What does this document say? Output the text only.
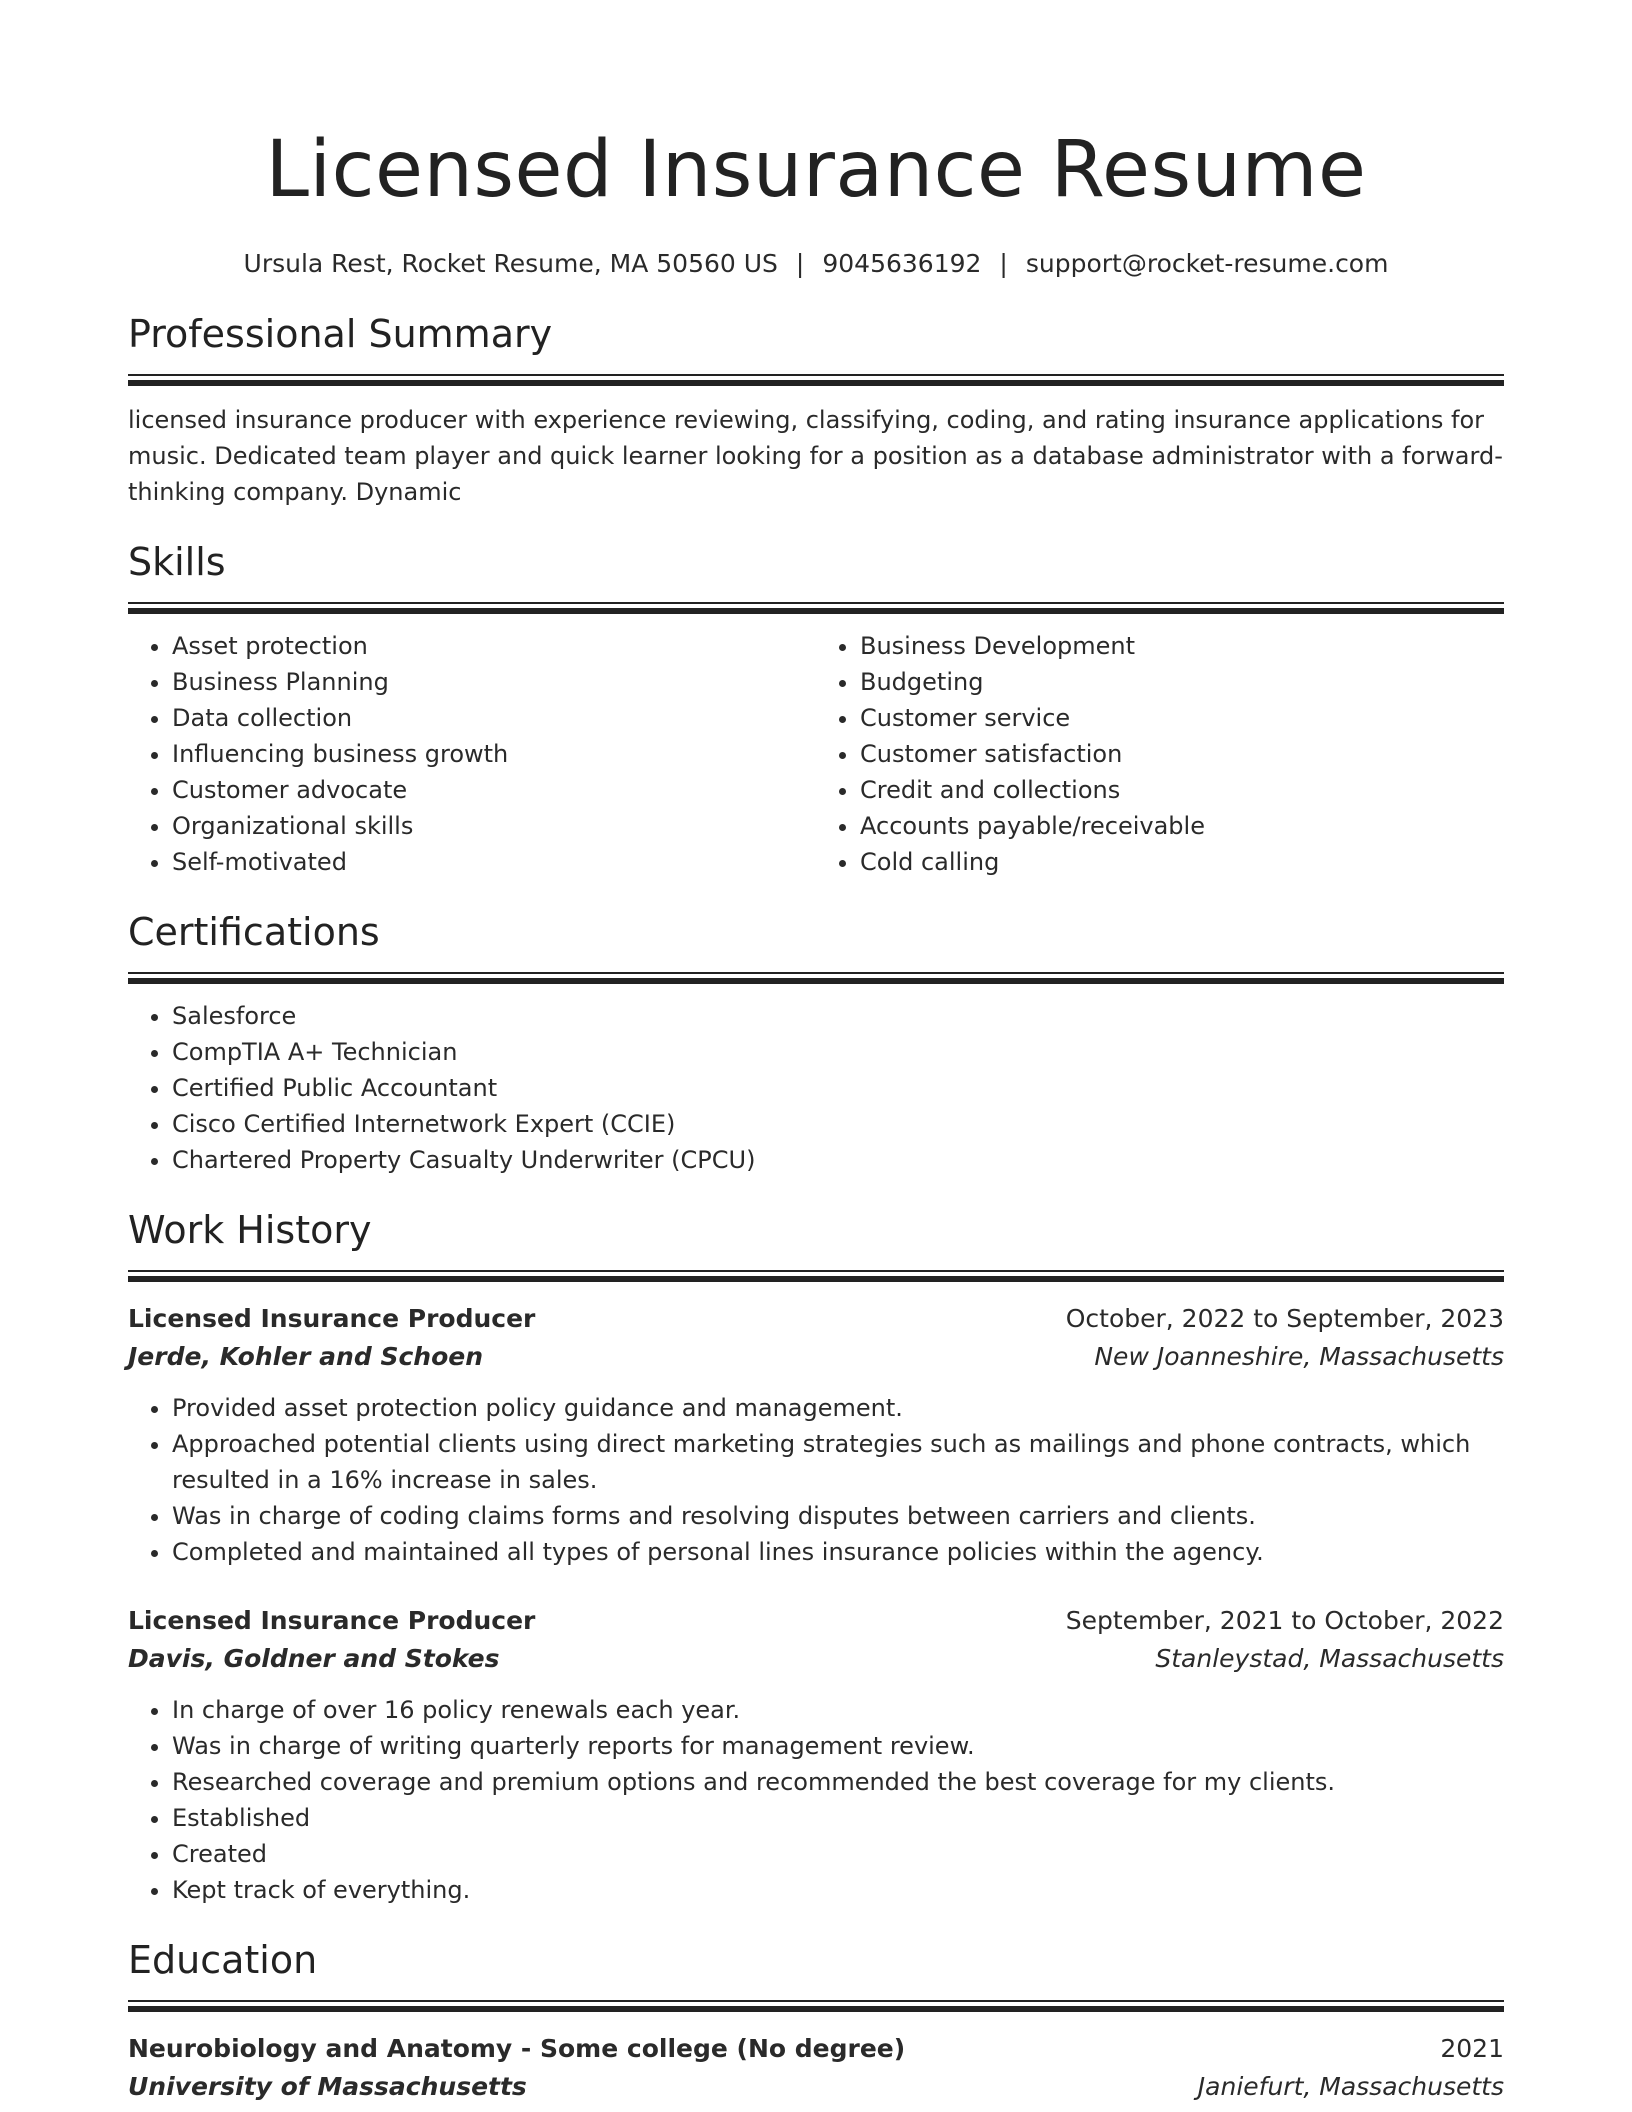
Licensed Insurance Resume
Ursula Rest, Rocket Resume, MA 50560 US | 9045636192 | support@rocket-resume.com
Professional Summary
licensed insurance producer with experience reviewing, classifying, coding, and rating insurance applications for music. Dedicated team player and quick learner looking for a position as a database administrator with a forward-thinking company. Dynamic
Skills
• Asset protection
• Business Planning
• Data collection
• Influencing business growth
• Customer advocate
• Organizational skills
• Self-motivated
• Business Development
• Budgeting
• Customer service
• Customer satisfaction
• Credit and collections
• Accounts payable/receivable
• Cold calling
Certifications
• Salesforce
• CompTIA A+ Technician
• Certified Public Accountant
• Cisco Certified Internetwork Expert (CCIE)
• Chartered Property Casualty Underwriter (CPCU)
Work History
Licensed Insurance Producer	October, 2022 to September, 2023
Jerde, Kohler and Schoen	New Joanneshire, Massachusetts
• Provided asset protection policy guidance and management.
• Approached potential clients using direct marketing strategies such as mailings and phone contracts, which resulted in a 16% increase in sales.
• Was in charge of coding claims forms and resolving disputes between carriers and clients.
• Completed and maintained all types of personal lines insurance policies within the agency.
Licensed Insurance Producer	September, 2021 to October, 2022
Davis, Goldner and Stokes	Stanleystad, Massachusetts
• In charge of over 16 policy renewals each year.
• Was in charge of writing quarterly reports for management review.
• Researched coverage and premium options and recommended the best coverage for my clients.
• Established
• Created
• Kept track of everything.
Education
Neurobiology and Anatomy - Some college (No degree)	2021
University of Massachusetts	Janiefurt, Massachusetts
